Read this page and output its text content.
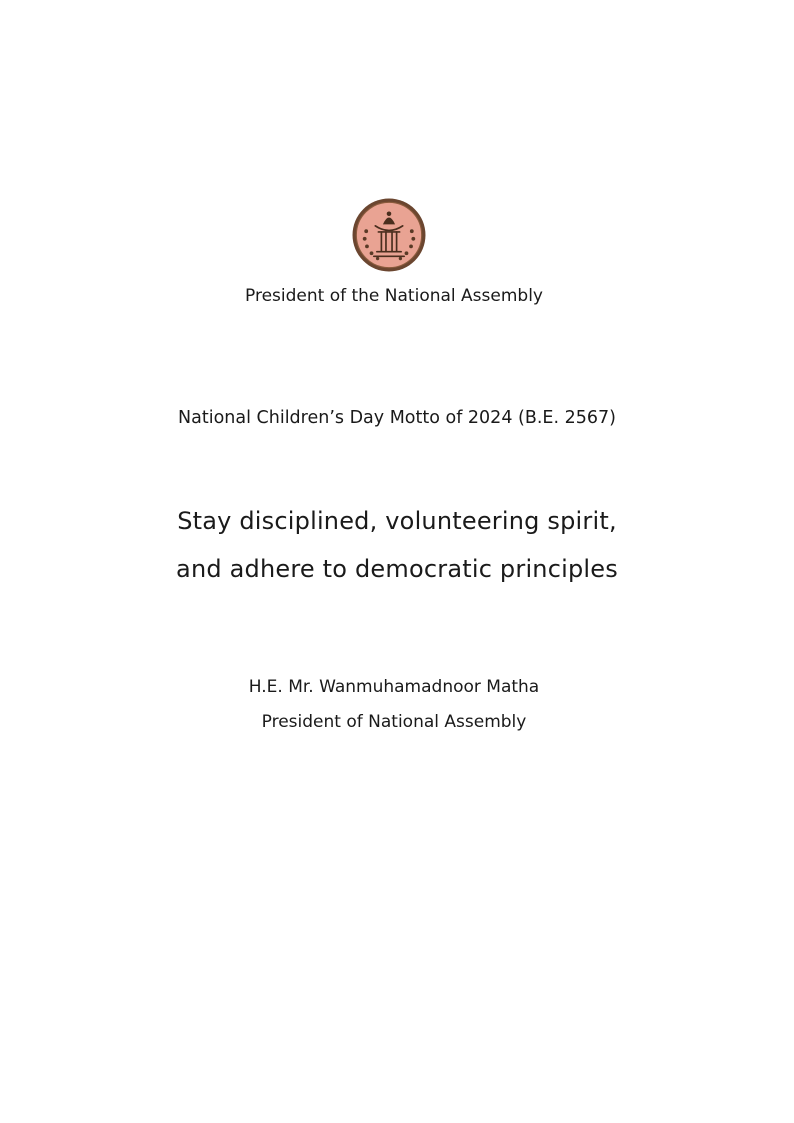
President of the National Assembly
National Children’s Day Motto of 2024 (B.E. 2567)
Stay disciplined, volunteering spirit,
and adhere to democratic principles
H.E. Mr. Wanmuhamadnoor Matha
President of National Assembly
